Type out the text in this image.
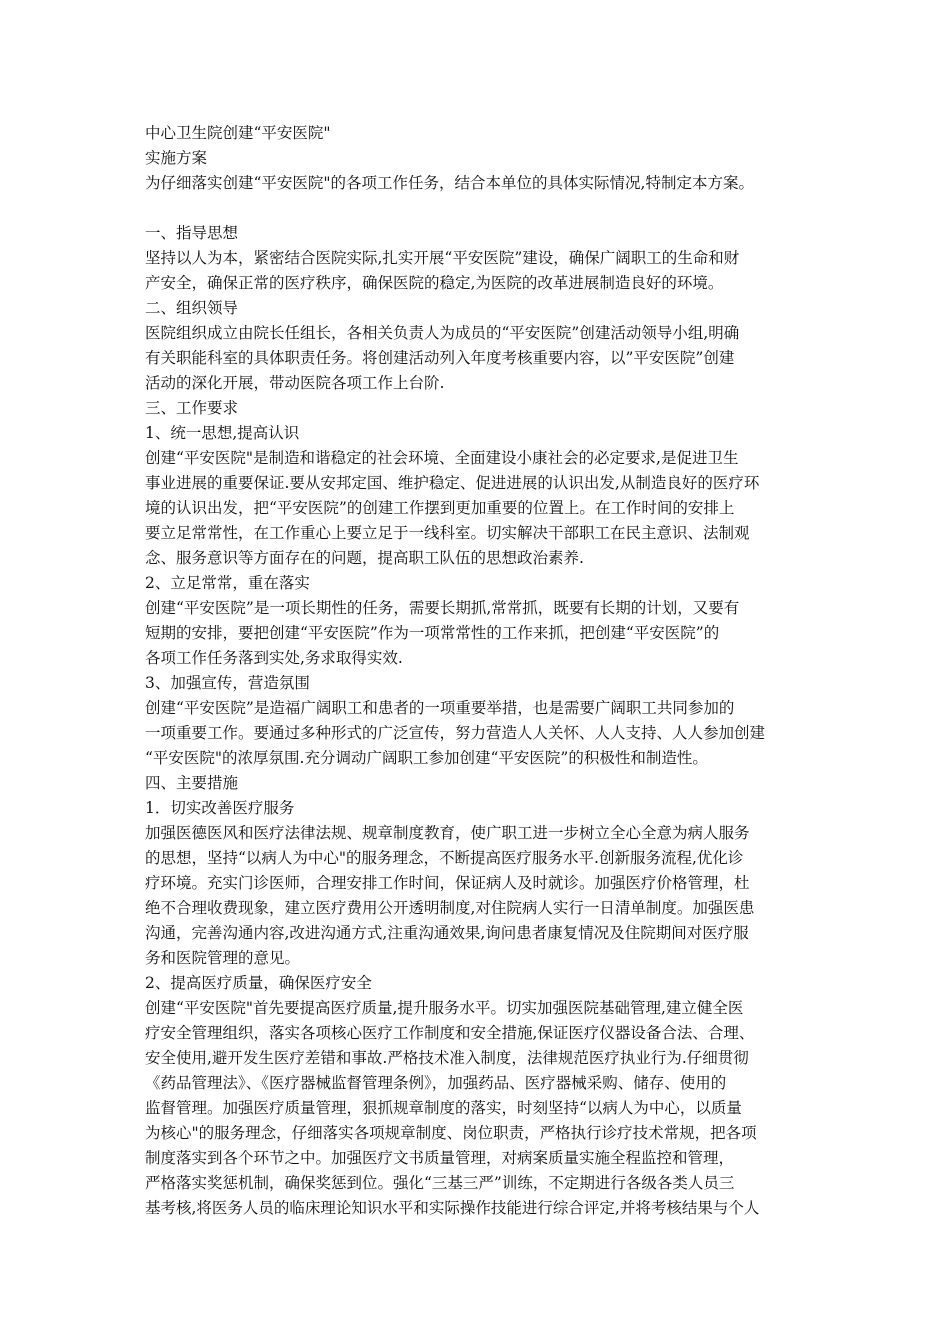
中心卫生院创建“平安医院"
实施方案
为仔细落实创建“平安医院"的各项工作任务，结合本单位的具体实际情况,特制定本方案。
一、指导思想
坚持以人为本，紧密结合医院实际,扎实开展“平安医院”建设，确保广阔职工的生命和财
产安全，确保正常的医疗秩序，确保医院的稳定,为医院的改革进展制造良好的环境。
二、组织领导
医院组织成立由院长任组长，各相关负责人为成员的“平安医院”创建活动领导小组,明确
有关职能科室的具体职责任务。将创建活动列入年度考核重要内容，以”平安医院”创建
活动的深化开展，带动医院各项工作上台阶.
三、工作要求
1、统一思想,提高认识
创建“平安医院"是制造和谐稳定的社会环境、全面建设小康社会的必定要求,是促进卫生
事业进展的重要保证.要从安邦定国、维护稳定、促进进展的认识出发,从制造良好的医疗环
境的认识出发，把“平安医院”的创建工作摆到更加重要的位置上。在工作时间的安排上
要立足常常性，在工作重心上要立足于一线科室。切实解决干部职工在民主意识、法制观
念、服务意识等方面存在的问题，提高职工队伍的思想政治素养.
2、立足常常，重在落实
创建“平安医院”是一项长期性的任务，需要长期抓,常常抓，既要有长期的计划，又要有
短期的安排，要把创建“平安医院”作为一项常常性的工作来抓，把创建“平安医院”的
各项工作任务落到实处,务求取得实效.
3、加强宣传，营造氛围
创建“平安医院”是造福广阔职工和患者的一项重要举措，也是需要广阔职工共同参加的
一项重要工作。要通过多种形式的广泛宣传，努力营造人人关怀、人人支持、人人参加创建
“平安医院"的浓厚氛围.充分调动广阔职工参加创建“平安医院”的积极性和制造性。
四、主要措施
1．切实改善医疗服务
加强医德医风和医疗法律法规、规章制度教育，使广职工进一步树立全心全意为病人服务
的思想，坚持“以病人为中心"的服务理念，不断提高医疗服务水平.创新服务流程,优化诊
疗环境。充实门诊医师，合理安排工作时间，保证病人及时就诊。加强医疗价格管理，杜
绝不合理收费现象，建立医疗费用公开透明制度,对住院病人实行一日清单制度。加强医患
沟通，完善沟通内容,改进沟通方式,注重沟通效果,询问患者康复情况及住院期间对医疗服
务和医院管理的意见。
2、提高医疗质量，确保医疗安全
创建“平安医院"首先要提高医疗质量,提升服务水平。切实加强医院基础管理,建立健全医
疗安全管理组织，落实各项核心医疗工作制度和安全措施,保证医疗仪器设备合法、合理、
安全使用,避开发生医疗差错和事故.严格技术准入制度，法律规范医疗执业行为.仔细贯彻
《药品管理法》、《医疗器械监督管理条例》，加强药品、医疗器械采购、储存、使用的
监督管理。加强医疗质量管理，狠抓规章制度的落实，时刻坚持“以病人为中心，以质量
为核心"的服务理念，仔细落实各项规章制度、岗位职责，严格执行诊疗技术常规，把各项
制度落实到各个环节之中。加强医疗文书质量管理，对病案质量实施全程监控和管理，
严格落实奖惩机制，确保奖惩到位。强化“三基三严”训练，不定期进行各级各类人员三
基考核,将医务人员的临床理论知识水平和实际操作技能进行综合评定,并将考核结果与个人
